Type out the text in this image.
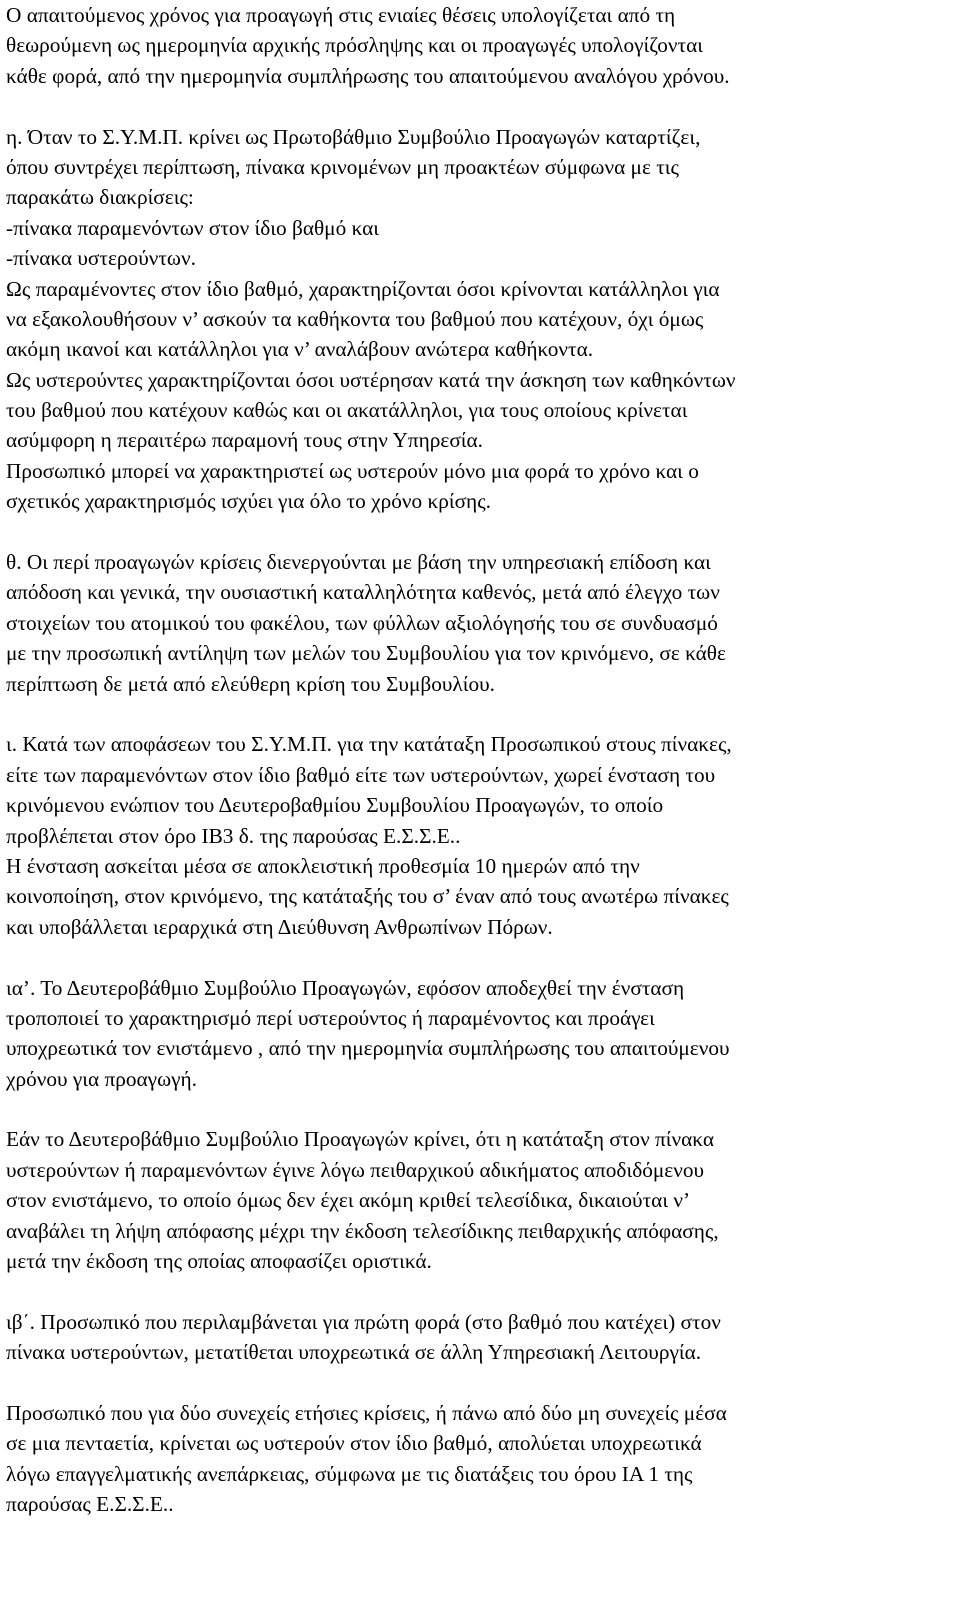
Ο απαιτούμενος χρόνος για προαγωγή στις ενιαίες θέσεις υπολογίζεται από τη
θεωρούμενη ως ημερομηνία αρχικής πρόσληψης και οι προαγωγές υπολογίζονται
κάθε φορά, από την ημερομηνία συμπλήρωσης του απαιτούμενου αναλόγου χρόνου.
η. Όταν το Σ.Υ.Μ.Π. κρίνει ως Πρωτοβάθμιο Συμβούλιο Προαγωγών καταρτίζει,
όπου συντρέχει περίπτωση, πίνακα κρινομένων μη προακτέων σύμφωνα με τις
παρακάτω διακρίσεις:
-πίνακα παραμενόντων στον ίδιο βαθμό και
-πίνακα υστερούντων.
Ως παραμένοντες στον ίδιο βαθμό, χαρακτηρίζονται όσοι κρίνονται κατάλληλοι για
να εξακολουθήσουν ν’ ασκούν τα καθήκοντα του βαθμού που κατέχουν, όχι όμως
ακόμη ικανοί και κατάλληλοι για ν’ αναλάβουν ανώτερα καθήκοντα.
Ως υστερούντες χαρακτηρίζονται όσοι υστέρησαν κατά την άσκηση των καθηκόντων
του βαθμού που κατέχουν καθώς και οι ακατάλληλοι, για τους οποίους κρίνεται
ασύμφορη η περαιτέρω παραμονή τους στην Υπηρεσία.
Προσωπικό μπορεί να χαρακτηριστεί ως υστερούν μόνο μια φορά το χρόνο και ο
σχετικός χαρακτηρισμός ισχύει για όλο το χρόνο κρίσης.
θ. Οι περί προαγωγών κρίσεις διενεργούνται με βάση την υπηρεσιακή επίδοση και
απόδοση και γενικά, την ουσιαστική καταλληλότητα καθενός, μετά από έλεγχο των
στοιχείων του ατομικού του φακέλου, των φύλλων αξιολόγησής του σε συνδυασμό
με την προσωπική αντίληψη των μελών του Συμβουλίου για τον κρινόμενο, σε κάθε
περίπτωση δε μετά από ελεύθερη κρίση του Συμβουλίου.
ι. Κατά των αποφάσεων του Σ.Υ.Μ.Π. για την κατάταξη Προσωπικού στους πίνακες,
είτε των παραμενόντων στον ίδιο βαθμό είτε των υστερούντων, χωρεί ένσταση του
κρινόμενου ενώπιον του Δευτεροβαθμίου Συμβουλίου Προαγωγών, το οποίο
προβλέπεται στον όρο ΙΒ3 δ. της παρούσας Ε.Σ.Σ.Ε..
Η ένσταση ασκείται μέσα σε αποκλειστική προθεσμία 10 ημερών από την
κοινοποίηση, στον κρινόμενο, της κατάταξής του σ’ έναν από τους ανωτέρω πίνακες
και υποβάλλεται ιεραρχικά στη Διεύθυνση Ανθρωπίνων Πόρων.
ια’. Το Δευτεροβάθμιο Συμβούλιο Προαγωγών, εφόσον αποδεχθεί την ένσταση
τροποποιεί το χαρακτηρισμό περί υστερούντος ή παραμένοντος και προάγει
υποχρεωτικά τον ενιστάμενο , από την ημερομηνία συμπλήρωσης του απαιτούμενου
χρόνου για προαγωγή.
Εάν το Δευτεροβάθμιο Συμβούλιο Προαγωγών κρίνει, ότι η κατάταξη στον πίνακα
υστερούντων ή παραμενόντων έγινε λόγω πειθαρχικού αδικήματος αποδιδόμενου
στον ενιστάμενο, το οποίο όμως δεν έχει ακόμη κριθεί τελεσίδικα, δικαιούται ν’
αναβάλει τη λήψη απόφασης μέχρι την έκδοση τελεσίδικης πειθαρχικής απόφασης,
μετά την έκδοση της οποίας αποφασίζει οριστικά.
ιβ΄. Προσωπικό που περιλαμβάνεται για πρώτη φορά (στο βαθμό που κατέχει) στον
πίνακα υστερούντων, μετατίθεται υποχρεωτικά σε άλλη Υπηρεσιακή Λειτουργία.
Προσωπικό που για δύο συνεχείς ετήσιες κρίσεις, ή πάνω από δύο μη συνεχείς μέσα
σε μια πενταετία, κρίνεται ως υστερούν στον ίδιο βαθμό, απολύεται υποχρεωτικά
λόγω επαγγελματικής ανεπάρκειας, σύμφωνα με τις διατάξεις του όρου ΙΑ 1 της
παρούσας Ε.Σ.Σ.Ε..
